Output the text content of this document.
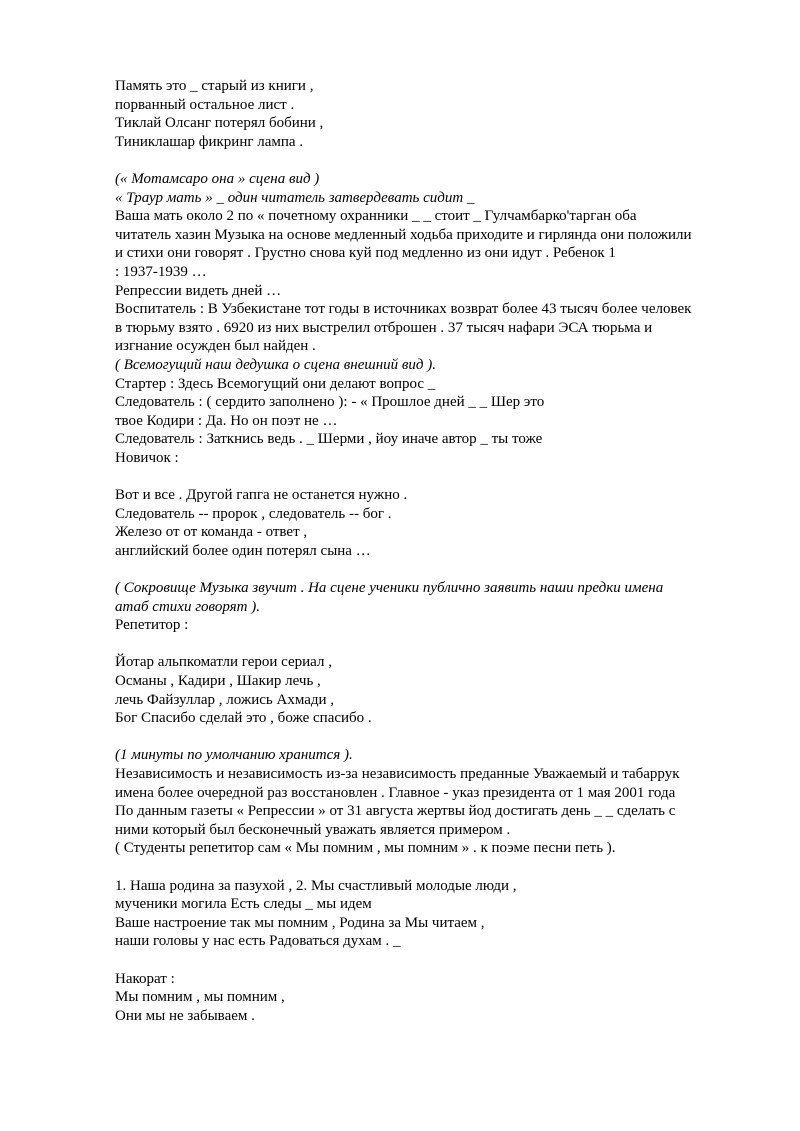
Память это _ старый из книги ,
порванный остальное лист .
Тиклай Олсанг потерял бобини ,
Тиниклашар фикринг лампа .
(« Мотамсаро она » сцена вид )
« Траур мать » _ один читатель затвердевать сидит _
Ваша мать около 2 по « почетному охранники _ _ стоит _ Гулчамбарко'тарган оба
читатель хазин Музыка на основе медленный ходьба приходите и гирлянда они положили
и стихи они говорят . Грустно снова куй под медленно из они идут . Ребенок 1
: 1937-1939 …
Репрессии видеть дней …
Воспитатель : В Узбекистане тот годы в источниках возврат более 43 тысяч более человек
в тюрьму взято . 6920 из них выстрелил отброшен . 37 тысяч нафари ЭСА тюрьма и
изгнание осужден был найден .
( Всемогущий наш дедушка о сцена внешний вид ).
Стартер : Здесь Всемогущий они делают вопрос _
Следователь : ( сердито заполнено ): - « Прошлое дней _ _ Шер это
твое Кодири : Да. Но он поэт не …
Следователь : Заткнись ведь . _ Шерми , йоу иначе автор _ ты тоже
Новичок :
Вот и все . Другой гапга не останется нужно .
Следователь -- пророк , следователь -- бог .
Железо от от команда - ответ ,
английский более один потерял сына …
( Сокровище Музыка звучит . На сцене ученики публично заявить наши предки имена
атаб стихи говорят ).
Репетитор :
Йотар альпкоматли герои сериал ,
Османы , Кадири , Шакир лечь ,
лечь Файзуллар , ложись Ахмади ,
Бог Спасибо сделай это , боже спасибо .
(1 минуты по умолчанию хранится ).
Независимость и независимость из-за независимость преданные Уважаемый и табаррук
имена более очередной раз восстановлен . Главное - указ президента от 1 мая 2001 года
По данным газеты « Репрессии » от 31 августа жертвы йод достигать день _ _ сделать с
ними который был бесконечный уважать является примером .
( Студенты репетитор сам « Мы помним , мы помним » . к поэме песни петь ).
1. Наша родина за пазухой , 2. Мы счастливый молодые люди ,
мученики могила Есть следы _ мы идем
Ваше настроение так мы помним , Родина за Мы читаем ,
наши головы у нас есть Радоваться духам . _
Накорат :
Мы помним , мы помним ,
Они мы не забываем .
